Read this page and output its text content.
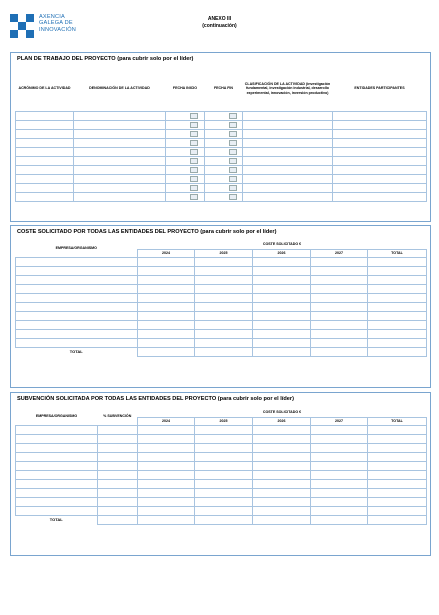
AXENCIA
GALEGA DE
INNOVACIÓN
ANEXO III
(continuación)
PLAN DE TRABAJO DEL PROYECTO (para cubrir solo por el líder)
ACRÓNIMO DE LA ACTIVIDAD	DENOMINACIÓN DE LA ACTIVIDAD	FECHA INICIO	FECHA FIN	CLASIFICACIÓN DE LA ACTIVIDAD (investigación fundamental, investigación industrial, desarrollo experimental, innovación, inversión productivo)	ENTIDADES PARTICIPANTES

COSTE SOLICITADO POR TODAS LAS ENTIDADES DEL PROYECTO (para cubrir solo por el líder)
EMPRESA/ORGANISMO	COSTE SOLICITADO €				
	2024	2025	2026	2027	TOTAL

TOTAL					
SUBVENCIÓN SOLICITADA POR TODAS LAS ENTIDADES DEL PROYECTO (para cubrir solo por el líder)
EMPRESA/ORGANISMO	% SUBVENCIÓN	COSTE SOLICITADO €				
		2024	2025	2026	2027	TOTAL

TOTAL						
